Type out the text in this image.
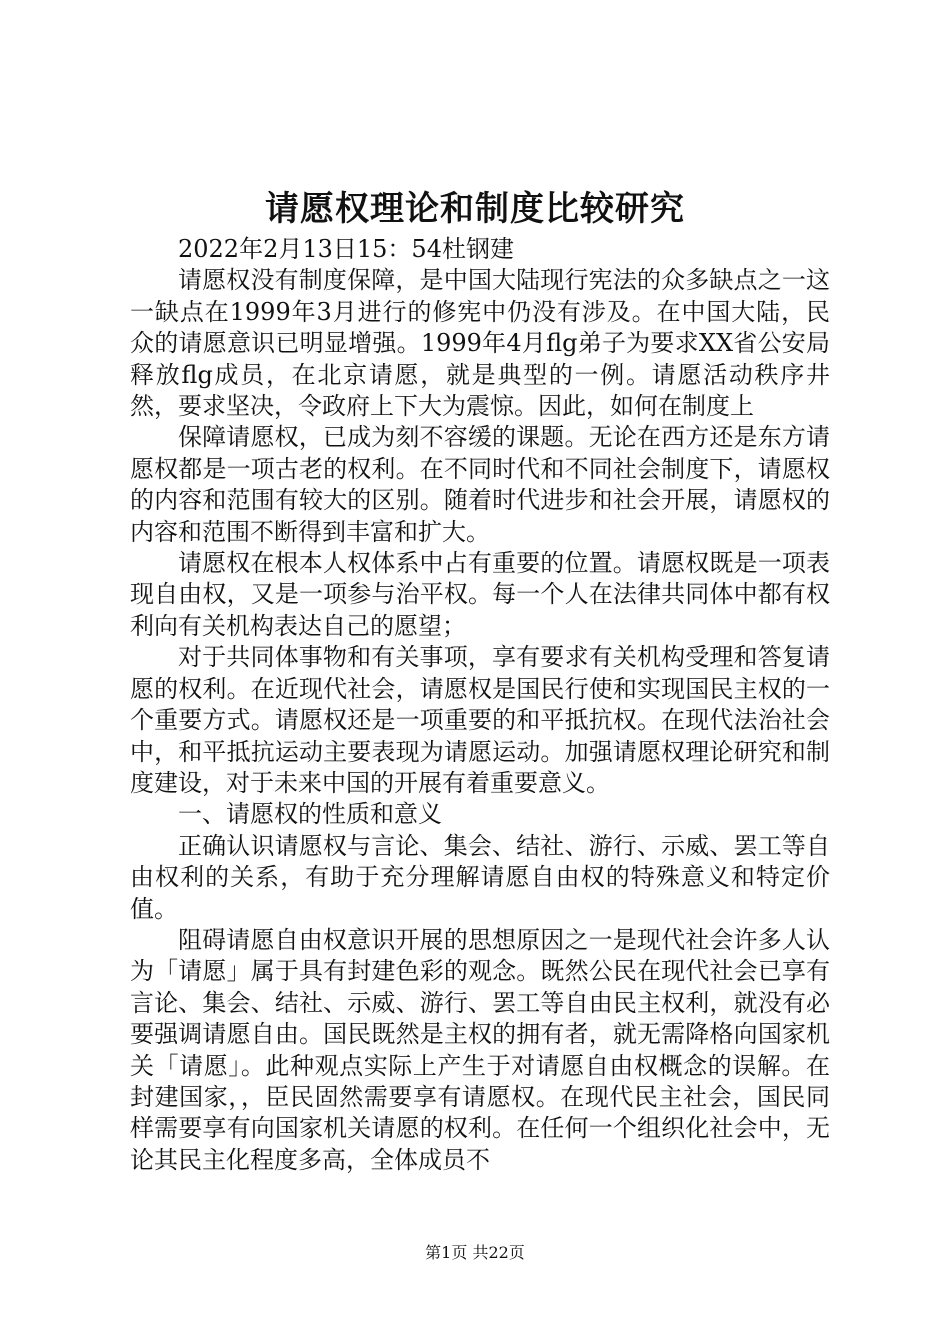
请愿权理论和制度比较研究

2022年2月13日15：54杜钢建

请愿权没有制度保障，是中国大陆现行宪法的众多缺点之一这一缺点在1999年3月进行的修宪中仍没有涉及。在中国大陆，民众的请愿意识已明显增强。1999年4月flg弟子为要求XX省公安局释放flg成员，在北京请愿，就是典型的一例。请愿活动秩序井然，要求坚决，令政府上下大为震惊。因此，如何在制度上

保障请愿权，已成为刻不容缓的课题。无论在西方还是东方请愿权都是一项古老的权利。在不同时代和不同社会制度下，请愿权的内容和范围有较大的区别。随着时代进步和社会开展，请愿权的内容和范围不断得到丰富和扩大。

请愿权在根本人权体系中占有重要的位置。请愿权既是一项表现自由权，又是一项参与治平权。每一个人在法律共同体中都有权利向有关机构表达自己的愿望；

对于共同体事物和有关事项，享有要求有关机构受理和答复请愿的权利。在近现代社会，请愿权是国民行使和实现国民主权的一个重要方式。请愿权还是一项重要的和平抵抗权。在现代法治社会中，和平抵抗运动主要表现为请愿运动。加强请愿权理论研究和制度建设，对于未来中国的开展有着重要意义。

一、请愿权的性质和意义

正确认识请愿权与言论、集会、结社、游行、示威、罢工等自由权利的关系，有助于充分理解请愿自由权的特殊意义和特定价值。

阻碍请愿自由权意识开展的思想原因之一是现代社会许多人认为「请愿」属于具有封建色彩的观念。既然公民在现代社会已享有言论、集会、结社、示威、游行、罢工等自由民主权利，就没有必要强调请愿自由。国民既然是主权的拥有者，就无需降格向国家机关「请愿」。此种观点实际上产生于对请愿自由权概念的误解。在封建国家，，臣民固然需要享有请愿权。在现代民主社会，国民同样需要享有向国家机关请愿的权利。在任何一个组织化社会中，无论其民主化程度多高，全体成员不

第1页 共22页
